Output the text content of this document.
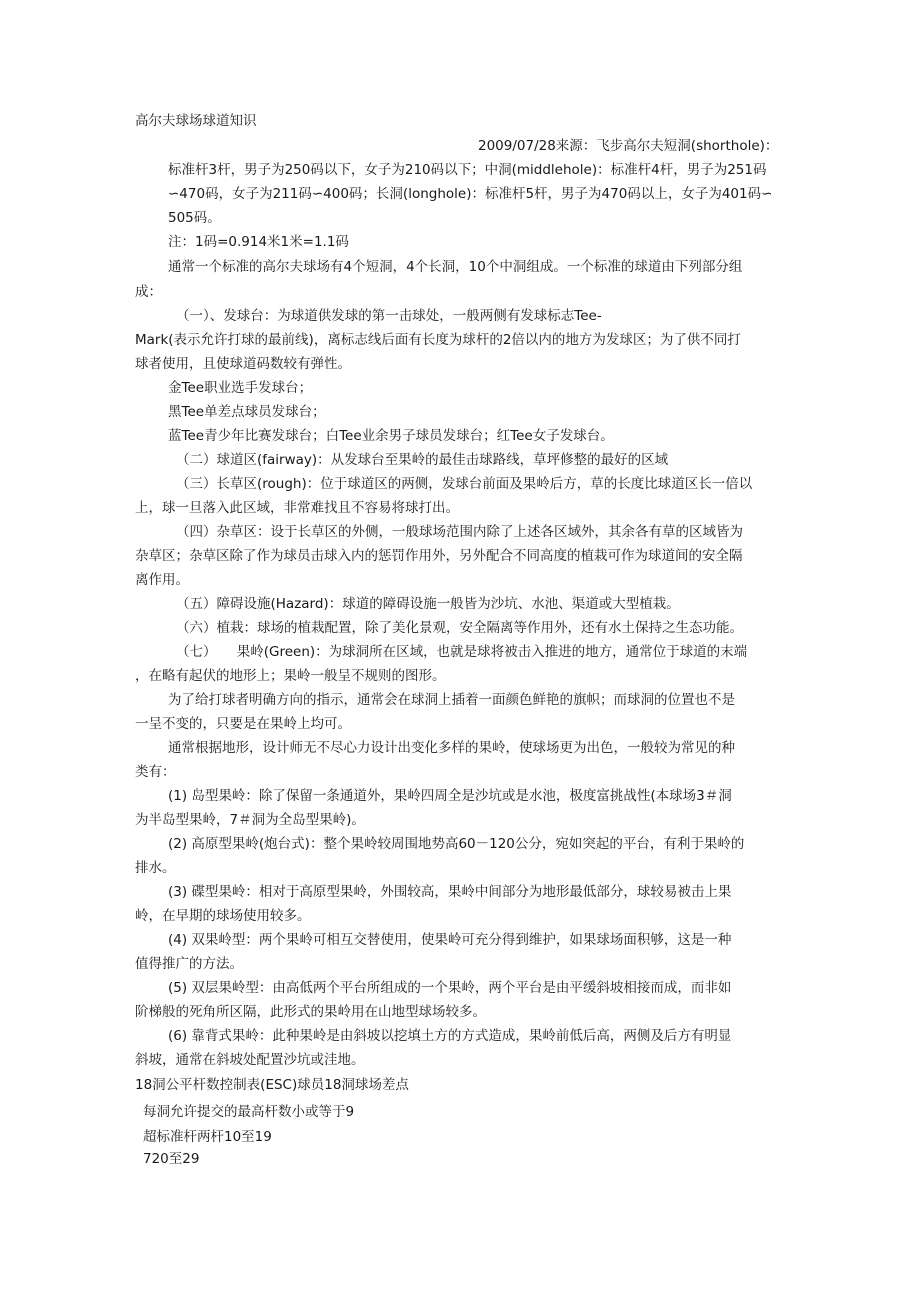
高尔夫球场球道知识
2009/07/28来源：飞步高尔夫短洞(shorthole)：
标准杆3杆，男子为250码以下，女子为210码以下；中洞(middlehole)：标准杆4杆，男子为251码
∽470码，女子为211码∽400码；长洞(longhole)：标准杆5杆，男子为470码以上，女子为401码∽
505码。
注：1码=0.914米1米=1.1码
通常一个标准的高尔夫球场有4个短洞，4个长洞，10个中洞组成。一个标准的球道由下列部分组
成：
（一）、发球台：为球道供发球的第一击球处，一般两侧有发球标志Tee-
Mark(表示允许打球的最前线)，离标志线后面有长度为球杆的2倍以内的地方为发球区；为了供不同打
球者使用，且使球道码数较有弹性。
金Tee职业选手发球台；
黑Tee单差点球员发球台；
蓝Tee青少年比赛发球台；白Tee业余男子球员发球台；红Tee女子发球台。
（二）球道区(fairway)：从发球台至果岭的最佳击球路线，草坪修整的最好的区域
（三）长草区(rough)：位于球道区的两侧，发球台前面及果岭后方，草的长度比球道区长一倍以
上，球一旦落入此区域，非常难找且不容易将球打出。
（四）杂草区：设于长草区的外侧，一般球场范围内除了上述各区域外，其余各有草的区域皆为
杂草区；杂草区除了作为球员击球入内的惩罚作用外，另外配合不同高度的植栽可作为球道间的安全隔
离作用。
（五）障碍设施(Hazard)：球道的障碍设施一般皆为沙坑、水池、渠道或大型植栽。
（六）植栽：球场的植栽配置，除了美化景观，安全隔离等作用外，还有水土保持之生态功能。
（七）　　果岭(Green)：为球洞所在区域，也就是球将被击入推进的地方，通常位于球道的末端
，在略有起伏的地形上；果岭一般呈不规则的图形。
为了给打球者明确方向的指示，通常会在球洞上插着一面颜色鲜艳的旗帜；而球洞的位置也不是
一呈不变的，只要是在果岭上均可。
通常根据地形，设计师无不尽心力设计出变化多样的果岭，使球场更为出色，一般较为常见的种
类有：
(1) 岛型果岭：除了保留一条通道外，果岭四周全是沙坑或是水池，极度富挑战性(本球场3＃洞
为半岛型果岭，7＃洞为全岛型果岭)。
(2) 高原型果岭(炮台式)：整个果岭较周围地势高60－120公分，宛如突起的平台，有利于果岭的
排水。
(3) 碟型果岭：相对于高原型果岭，外围较高，果岭中间部分为地形最低部分，球较易被击上果
岭，在早期的球场使用较多。
(4) 双果岭型：两个果岭可相互交替使用，使果岭可充分得到维护，如果球场面积够，这是一种
值得推广的方法。
(5) 双层果岭型：由高低两个平台所组成的一个果岭，两个平台是由平缓斜坡相接而成，而非如
阶梯般的死角所区隔，此形式的果岭用在山地型球场较多。
(6) 靠背式果岭：此种果岭是由斜坡以挖填土方的方式造成，果岭前低后高，两侧及后方有明显
斜坡，通常在斜坡处配置沙坑或洼地。
18洞公平杆数控制表(ESC)球员18洞球场差点
每洞允许提交的最高杆数小或等于9
超标准杆两杆10至19
720至29
